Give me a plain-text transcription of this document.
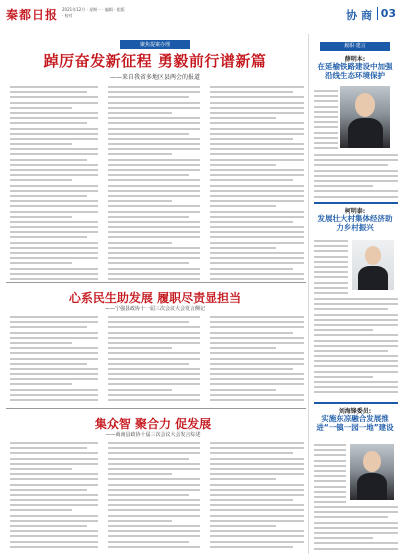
秦都日报 2021年12月 · 星期一 · 编辑 · 组版 · 校对	协 商 03
聚焦提案办理
踔厉奋发新征程 勇毅前行谱新篇
——来自我省多地区县两会的报道
心系民生助发展 履职尽责显担当
——宁强县政协十一届三次会议大会发言侧记
集众智 聚合力 促发展
——商南县政协十届三次会议大会发言综述
履职·建言
薛明本:
在延榆铁路建设中加强沿线生态环境保护
柯明泰:
发展壮大村集体经济助力乡村振兴
刘海锋委员:
实施东凉融合发展推进“一镇一园一地”建设
